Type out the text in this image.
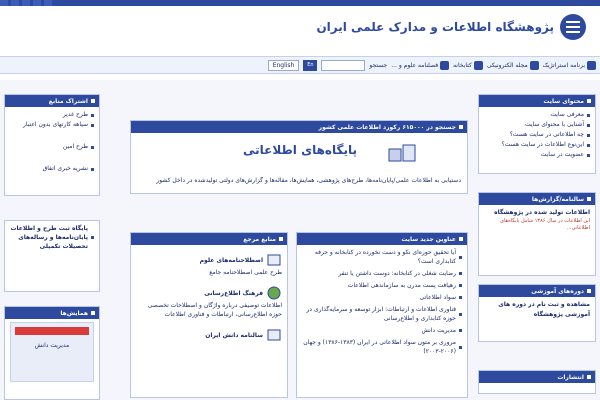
پژوهشگاه اطلاعات و مدارک علمی ایران
برنامه استراتژیک
مجله الکترونیکی
کتابخانه
فصلنامه علوم و ...
جستجو
En
English
محتوای سایت
معرفی سایت
آشنایی با محتوای سایت
چه اطلاعاتی در سایت هست؟
این‌نوع اطلاعات در سایت هست؟
عضویت در سایت
سالنامه‌/گزارش‌ها
اطلاعات تولید شده در پژوهشگاه
این اطلاعات در سال ۱۳۸۶ شامل پایگاه‌های اطلاعاتی...
دوره‌های آموزشی
مشاهده و ثبت نام در دوره های آموزشی پژوهشگاه
انتشارات
جستجو در ۶۱۵۰۰۰ رکورد اطلاعات علمی کشور
پایگاه‌های اطلاعاتی
دستیابی به اطلاعات علمی/پایان‌نامه‌ها، طرح‌های پژوهشی، همایش‌ها، مقاله‌ها و گزارش‌های دولتی تولیدشده در داخل کشور
عناوین جدید سایت
آیا تحقیق حوزه‌ای نکو و دست نخورده در کتابخانه و حرفه کتابداری است؟
رضایت شغلی در کتابخانه: دوست داشتن یا تنفر
رهیافت پست مدرن به سازماندهی اطلاعات
سواد اطلاعاتی
فناوری اطلاعات و ارتباطات: ابزار توسعه و سرمایه‌گذاری در حوزه کتابداری و اطلاع‌رسانی
مدیریت دانش
مروری بر متون سواد اطلاعاتی در ایران (۱۳۸۳-۱۳۸۶) و جهان (۲۰۰۶-۲۰۰۳)
منابع مرجع
اصطلاحنامه‌های علوم
طرح علمی اصطلاحنامه جامع
فرهنگ اطلاع‌رسانی
اطلاعات توصیفی درباره واژگان و اصطلاحات تخصصی حوزه اطلاع‌رسانی، ارتباطات و فناوری اطلاعات
سالنامه دانش ایران
اشتراک منابع
طرح غدیر
سیاهه کارتهای بدون اعتبار
طرح امین
نشریه خبری اتفاق
پایگاه ثبت طرح و اطلاعات پایان‌نامه‌ها و رساله‌های تحصیلات تکمیلی
همایش‌ها
مدیریت دانش
